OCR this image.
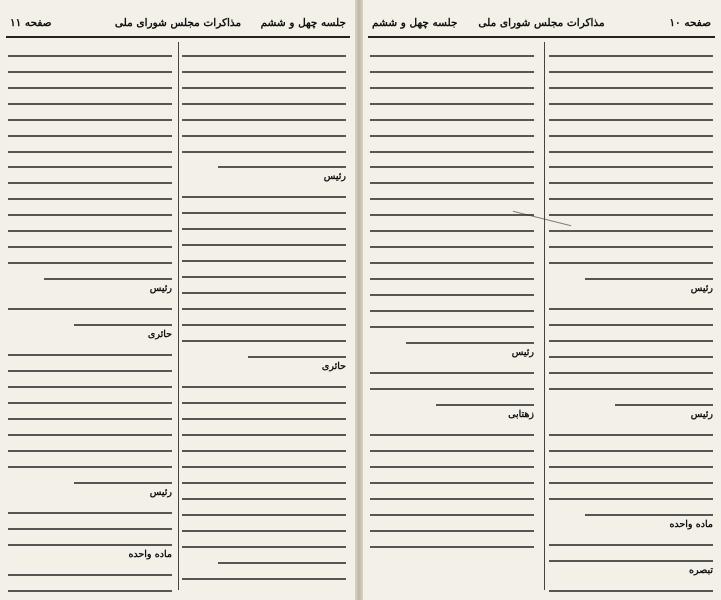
صفحه ۱۱	مذاکرات مجلس شورای ملی	جلسه چهل و ششم
رئیس
حائری
رئیس
حائری
رئیس
ماده واحده
جلسه چهل و ششم	مذاکرات مجلس شورای ملی	صفحه ۱۰
رئیس
رئیس
ماده واحده
تبصره
رئیس
زهتابی
